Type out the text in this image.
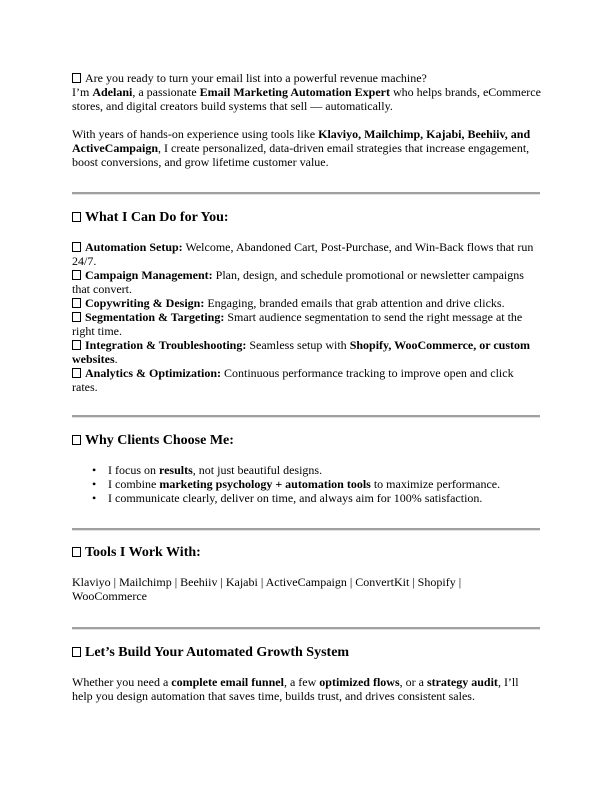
Are you ready to turn your email list into a powerful revenue machine?
I’m Adelani, a passionate Email Marketing Automation Expert who helps brands, eCommerce stores, and digital creators build systems that sell — automatically.
With years of hands-on experience using tools like Klaviyo, Mailchimp, Kajabi, Beehiiv, and ActiveCampaign, I create personalized, data-driven email strategies that increase engagement, boost conversions, and grow lifetime customer value.
What I Can Do for You:
Automation Setup: Welcome, Abandoned Cart, Post-Purchase, and Win-Back flows that run 24/7.
Campaign Management: Plan, design, and schedule promotional or newsletter campaigns that convert.
Copywriting & Design: Engaging, branded emails that grab attention and drive clicks.
Segmentation & Targeting: Smart audience segmentation to send the right message at the right time.
Integration & Troubleshooting: Seamless setup with Shopify, WooCommerce, or custom websites.
Analytics & Optimization: Continuous performance tracking to improve open and click rates.
Why Clients Choose Me:
• I focus on results, not just beautiful designs.
• I combine marketing psychology + automation tools to maximize performance.
• I communicate clearly, deliver on time, and always aim for 100% satisfaction.
Tools I Work With:
Klaviyo | Mailchimp | Beehiiv | Kajabi | ActiveCampaign | ConvertKit | Shopify | WooCommerce
Let’s Build Your Automated Growth System
Whether you need a complete email funnel, a few optimized flows, or a strategy audit, I’ll help you design automation that saves time, builds trust, and drives consistent sales.
